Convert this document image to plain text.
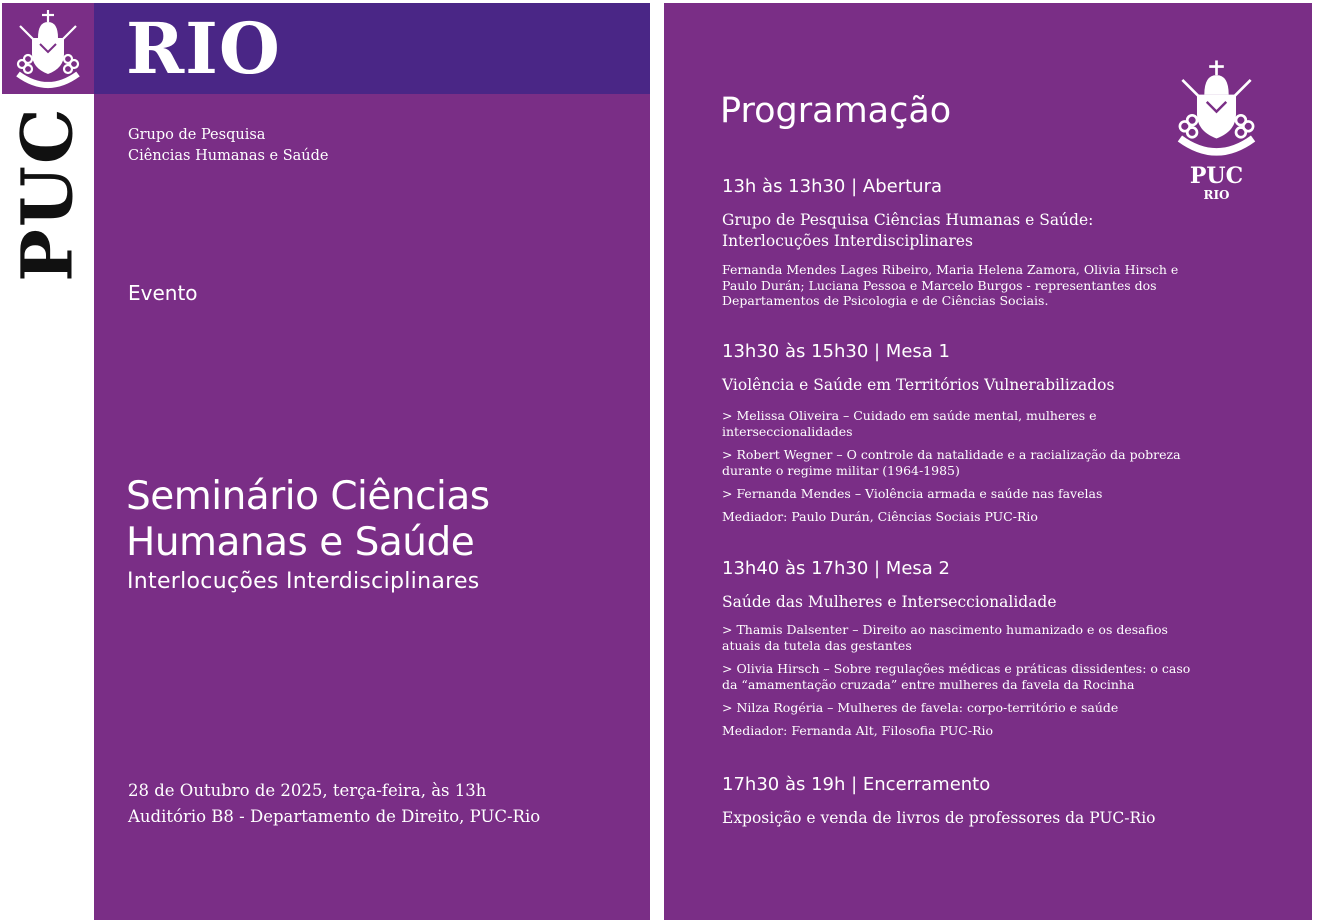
PUC
RIO
Grupo de Pesquisa
Ciências Humanas e Saúde
Evento
Seminário Ciências
Humanas e Saúde
Interlocuções Interdisciplinares
28 de Outubro de 2025, terça-feira, às 13h
Auditório B8 - Departamento de Direito, PUC-Rio
Programação
PUC
RIO
13h às 13h30 | Abertura
Grupo de Pesquisa Ciências Humanas e Saúde:
Interlocuções Interdisciplinares
Fernanda Mendes Lages Ribeiro, Maria Helena Zamora, Olivia Hirsch e
Paulo Durán; Luciana Pessoa e Marcelo Burgos - representantes dos
Departamentos de Psicologia e de Ciências Sociais.
13h30 às 15h30 | Mesa 1
Violência e Saúde em Territórios Vulnerabilizados
> Melissa Oliveira – Cuidado em saúde mental, mulheres e
interseccionalidades
> Robert Wegner – O controle da natalidade e a racialização da pobreza
durante o regime militar (1964-1985)
> Fernanda Mendes – Violência armada e saúde nas favelas
Mediador: Paulo Durán, Ciências Sociais PUC-Rio
13h40 às 17h30 | Mesa 2
Saúde das Mulheres e Interseccionalidade
> Thamis Dalsenter – Direito ao nascimento humanizado e os desafios
atuais da tutela das gestantes
> Olivia Hirsch – Sobre regulações médicas e práticas dissidentes: o caso
da “amamentação cruzada” entre mulheres da favela da Rocinha
> Nilza Rogéria – Mulheres de favela: corpo-território e saúde
Mediador: Fernanda Alt, Filosofia PUC-Rio
17h30 às 19h | Encerramento
Exposição e venda de livros de professores da PUC-Rio
